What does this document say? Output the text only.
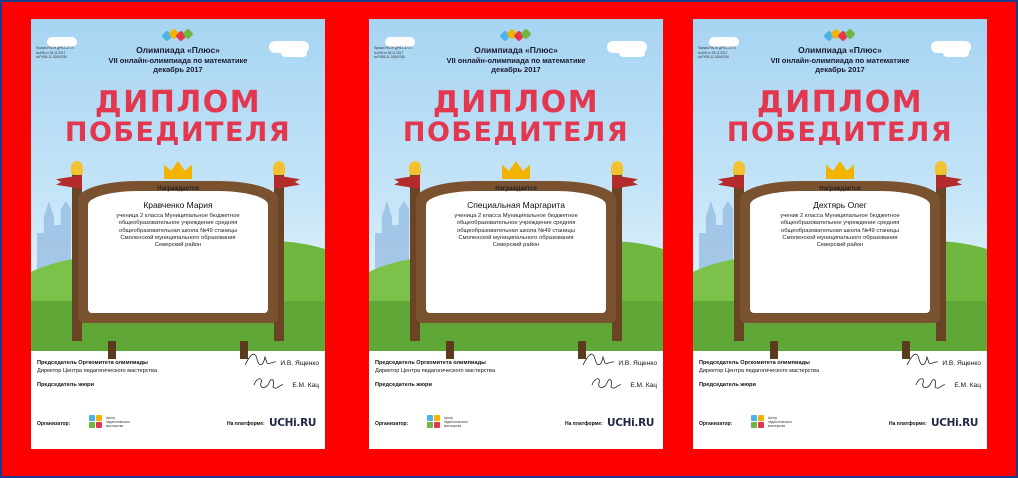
Приказ РАОН ДРВ2-477/1
№408 от 28.11.2017
№РУВ5-11-02062030
Олимпиада «Плюс»
VII онлайн-олимпиада по математике
декабрь 2017
ДИПЛОМ
ПОБЕДИТЕЛЯ
Награждается
Кравченко Мария
ученица 2 класса Муниципальное бюджетное общеобразовательное учреждение средняя общеобразовательная школа №49 станицы Смоленской муниципального образования Северский район
Председатель Оргкомитета олимпиады	И.В. Ященко
Директор Центра педагогического мастерства
Председатель жюри	Е.М. Кац
Организатор:
Центр педагогического мастерства	На платформе: UCHi.RU
Приказ РАОН ДРВ2-477/1
№408 от 28.11.2017
№РУВ5-11-02062030
Олимпиада «Плюс»
VII онлайн-олимпиада по математике
декабрь 2017
ДИПЛОМ
ПОБЕДИТЕЛЯ
Награждается
Специальная Маргарита
ученица 2 класса Муниципальное бюджетное общеобразовательное учреждение средняя общеобразовательная школа №49 станицы Смоленской муниципального образования Северский район
Председатель Оргкомитета олимпиады	И.В. Ященко
Директор Центра педагогического мастерства
Председатель жюри	Е.М. Кац
Организатор:
Центр педагогического мастерства	На платформе: UCHi.RU
Приказ РАОН ДРВ2-477/1
№408 от 28.11.2017
№РУВ5-11-02062030
Олимпиада «Плюс»
VII онлайн-олимпиада по математике
декабрь 2017
ДИПЛОМ
ПОБЕДИТЕЛЯ
Награждается
Дехтярь Олег
ученик 2 класса Муниципальное бюджетное общеобразовательное учреждение средняя общеобразовательная школа №49 станицы Смоленской муниципального образования Северский район
Председатель Оргкомитета олимпиады	И.В. Ященко
Директор Центра педагогического мастерства
Председатель жюри	Е.М. Кац
Организатор:
Центр педагогического мастерства	На платформе: UCHi.RU
